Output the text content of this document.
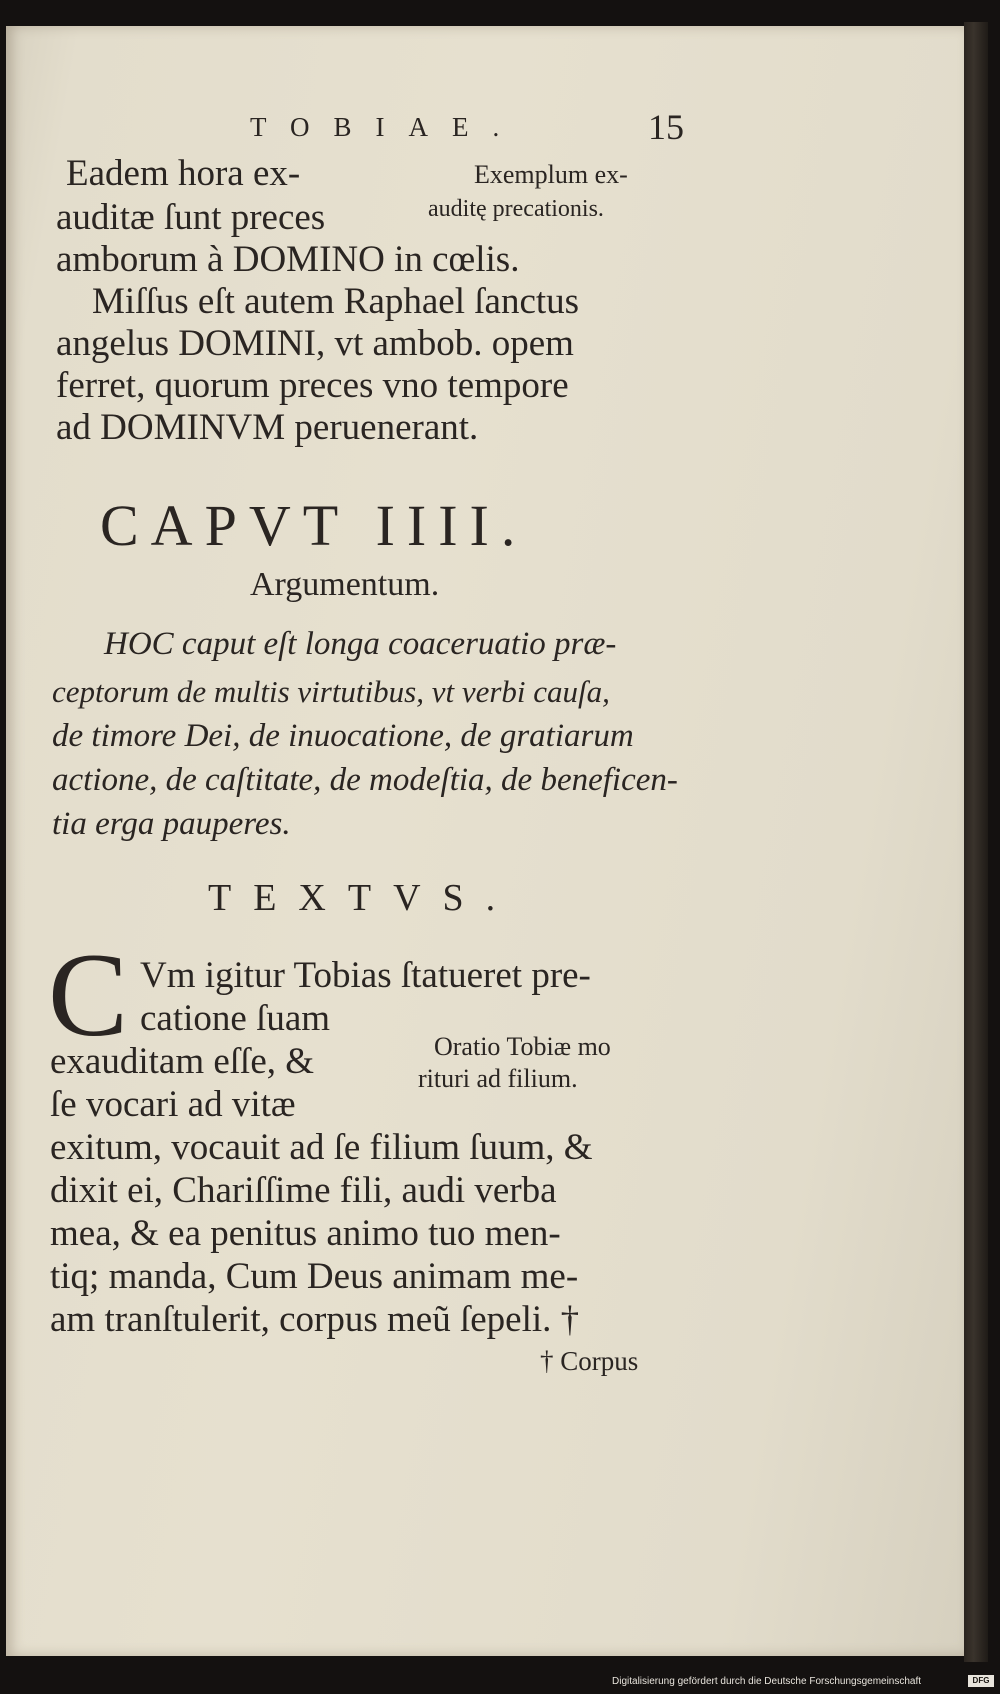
TOBIAE.	15
Eadem hora ex-
auditæ ſunt preces
amborum à DOMINO in cœlis.
Miſſus eſt autem Raphael ſanctus
angelus DOMINI, vt ambob. opem
ferret, quorum preces vno tempore
ad DOMINVM peruenerant.
Exemplum ex-
auditę precationis.
CAPVT IIII.
Argumentum.
HOC caput eſt longa coaceruatio præ-
ceptorum de multis virtutibus, vt verbi cauſa,
de timore Dei, de inuocatione, de gratiarum
actione, de caſtitate, de modeſtia, de beneficen-
tia erga pauperes.
TEXTVS.
C Vm igitur Tobias ſtatueret pre-
catione ſuam
exauditam eſſe, &
ſe vocari ad vitæ
exitum, vocauit ad ſe filium ſuum, &
dixit ei, Chariſſime fili, audi verba
mea, & ea penitus animo tuo men-
tiq; manda, Cum Deus animam me-
am tranſtulerit, corpus meũ ſepeli. †
Oratio Tobiæ mo
rituri ad filium.
† Corpus
Digitalisierung gefördert durch die Deutsche Forschungsgemeinschaft	DFG
